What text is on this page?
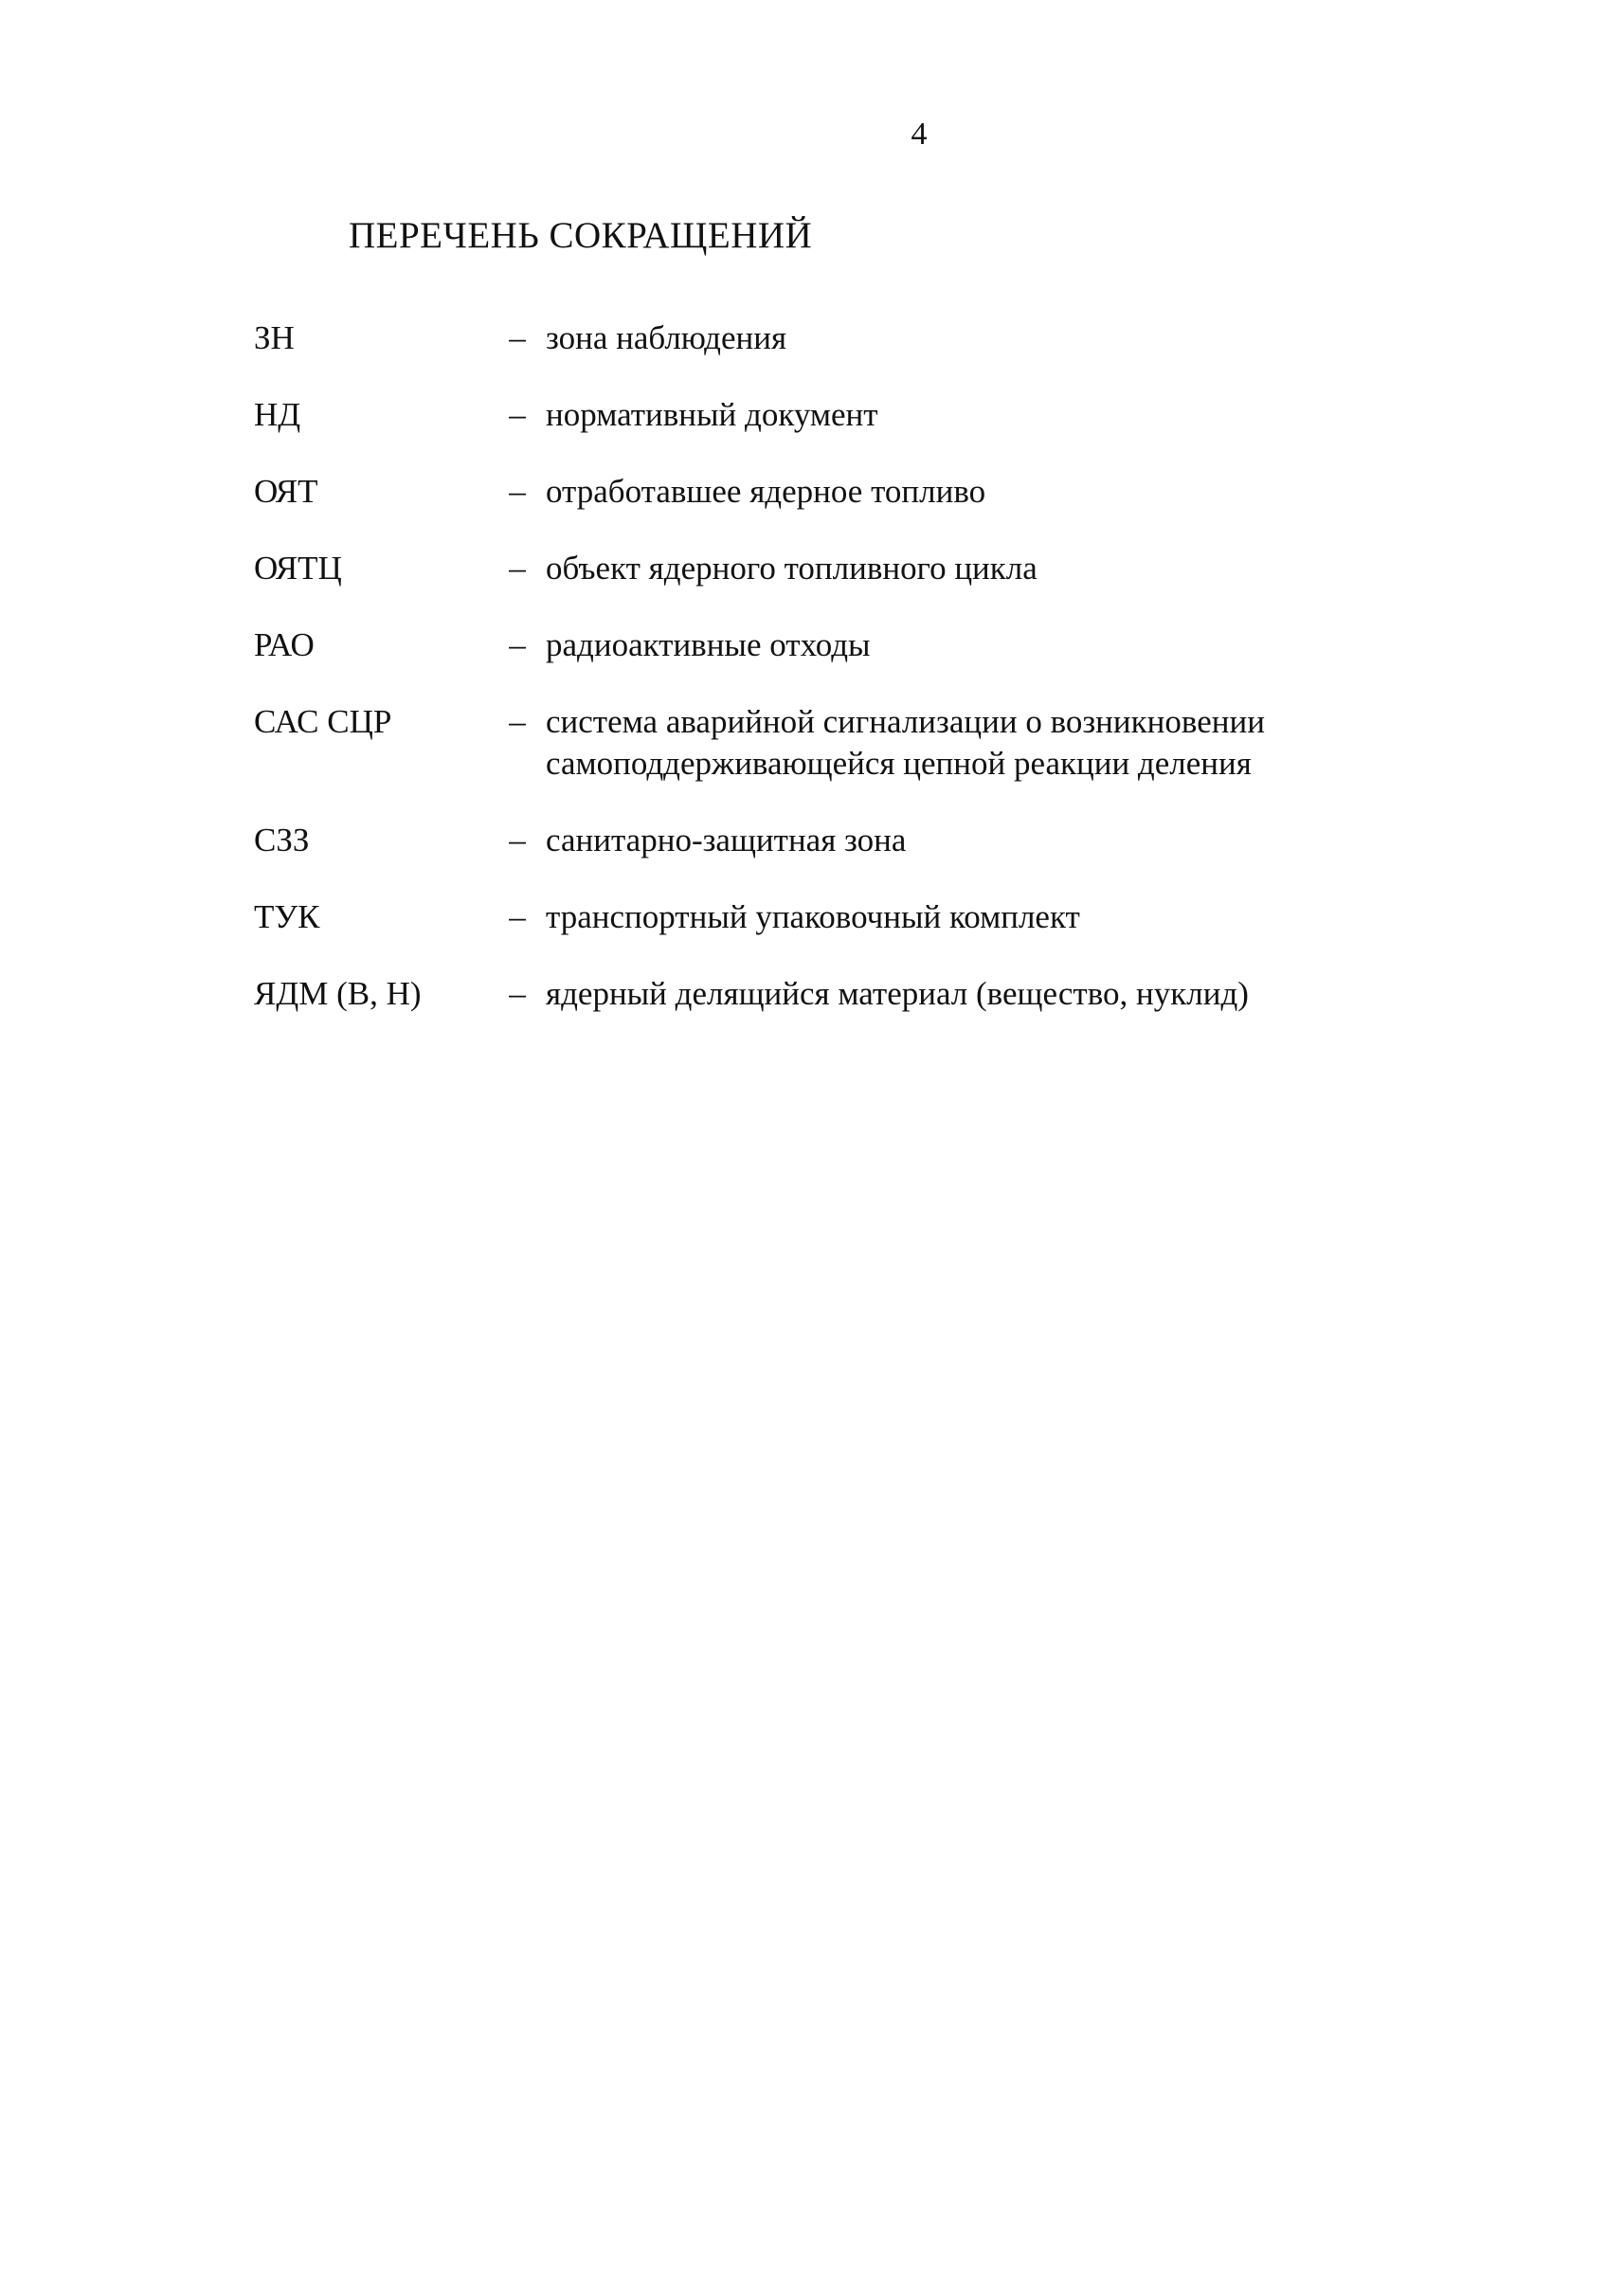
4
ПЕРЕЧЕНЬ СОКРАЩЕНИЙ
ЗН	– зона наблюдения
НД	– нормативный документ
ОЯТ	– отработавшее ядерное топливо
ОЯТЦ	– объект ядерного топливного цикла
РАО	– радиоактивные отходы
САС СЦР	– система аварийной сигнализации о возникновении
самоподдерживающейся цепной реакции деления
СЗЗ	– санитарно-защитная зона
ТУК	– транспортный упаковочный комплект
ЯДМ (В, Н)	– ядерный делящийся материал (вещество, нуклид)
